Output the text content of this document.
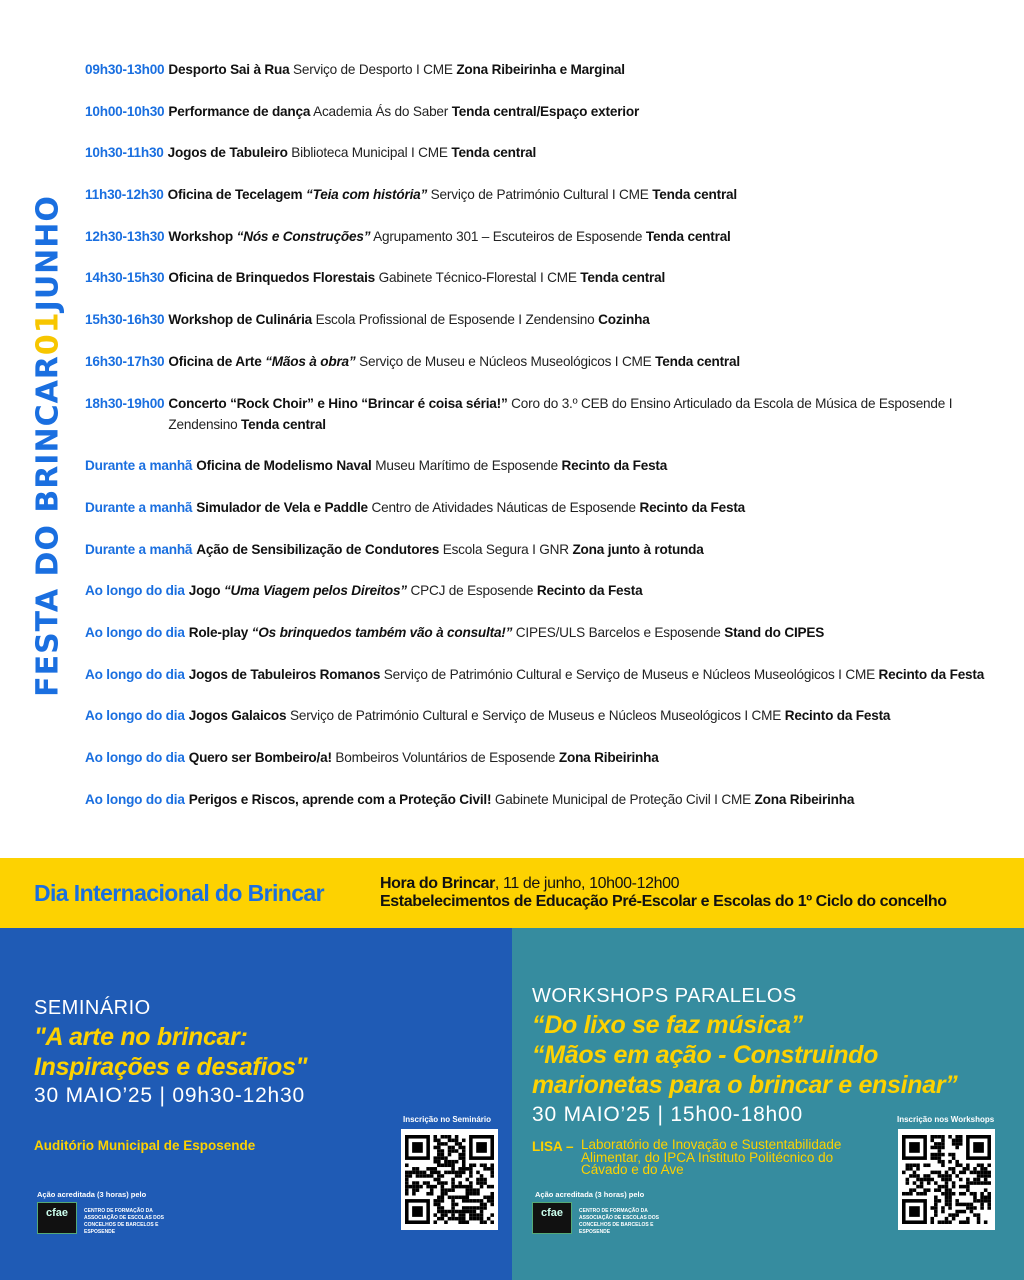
FESTA DO BRINCAR01JUNHO
09h30-13h00 Desporto Sai à Rua Serviço de Desporto I CME Zona Ribeirinha e Marginal
10h00-10h30 Performance de dança Academia Ás do Saber Tenda central/Espaço exterior
10h30-11h30 Jogos de Tabuleiro Biblioteca Municipal I CME Tenda central
11h30-12h30 Oficina de Tecelagem “Teia com história” Serviço de Património Cultural I CME Tenda central
12h30-13h30 Workshop “Nós e Construções” Agrupamento 301 – Escuteiros de Esposende Tenda central
14h30-15h30 Oficina de Brinquedos Florestais Gabinete Técnico-Florestal I CME Tenda central
15h30-16h30 Workshop de Culinária Escola Profissional de Esposende I Zendensino Cozinha
16h30-17h30 Oficina de Arte “Mãos à obra” Serviço de Museu e Núcleos Museológicos I CME Tenda central
18h30-19h00 Concerto “Rock Choir” e Hino “Brincar é coisa séria!” Coro do 3.º CEB do Ensino Articulado da Escola de Música de Esposende I Zendensino Tenda central
Durante a manhã Oficina de Modelismo Naval Museu Marítimo de Esposende Recinto da Festa
Durante a manhã Simulador de Vela e Paddle Centro de Atividades Náuticas de Esposende Recinto da Festa
Durante a manhã Ação de Sensibilização de Condutores Escola Segura I GNR Zona junto à rotunda
Ao longo do dia Jogo “Uma Viagem pelos Direitos” CPCJ de Esposende Recinto da Festa
Ao longo do dia Role-play “Os brinquedos também vão à consulta!” CIPES/ULS Barcelos e Esposende Stand do CIPES
Ao longo do dia Jogos de Tabuleiros Romanos Serviço de Património Cultural e Serviço de Museus e Núcleos Museológicos I CME Recinto da Festa
Ao longo do dia Jogos Galaicos Serviço de Património Cultural e Serviço de Museus e Núcleos Museológicos I CME Recinto da Festa
Ao longo do dia Quero ser Bombeiro/a! Bombeiros Voluntários de Esposende Zona Ribeirinha
Ao longo do dia Perigos e Riscos, aprende com a Proteção Civil! Gabinete Municipal de Proteção Civil I CME Zona Ribeirinha
Dia Internacional do Brincar	Hora do Brincar, 11 de junho, 10h00-12h00
Estabelecimentos de Educação Pré-Escolar e Escolas do 1º Ciclo do concelho
SEMINÁRIO
"A arte no brincar:
Inspirações e desafios"
30 MAIO’25 | 09h30-12h30
Auditório Municipal de Esposende
Ação acreditada (3 horas) pelo
cfae	CENTRO DE FORMAÇÃO DA ASSOCIAÇÃO DE ESCOLAS DOS CONCELHOS DE BARCELOS E ESPOSENDE
Inscrição no Seminário
WORKSHOPS PARALELOS
“Do lixo se faz música”
“Mãos em ação - Construindo
marionetas para o brincar e ensinar”
30 MAIO’25 | 15h00-18h00
LISA – Laboratório de Inovação e Sustentabilidade
Alimentar, do IPCA Instituto Politécnico do
Cávado e do Ave
Ação acreditada (3 horas) pelo
cfae	CENTRO DE FORMAÇÃO DA ASSOCIAÇÃO DE ESCOLAS DOS CONCELHOS DE BARCELOS E ESPOSENDE
Inscrição nos Workshops
